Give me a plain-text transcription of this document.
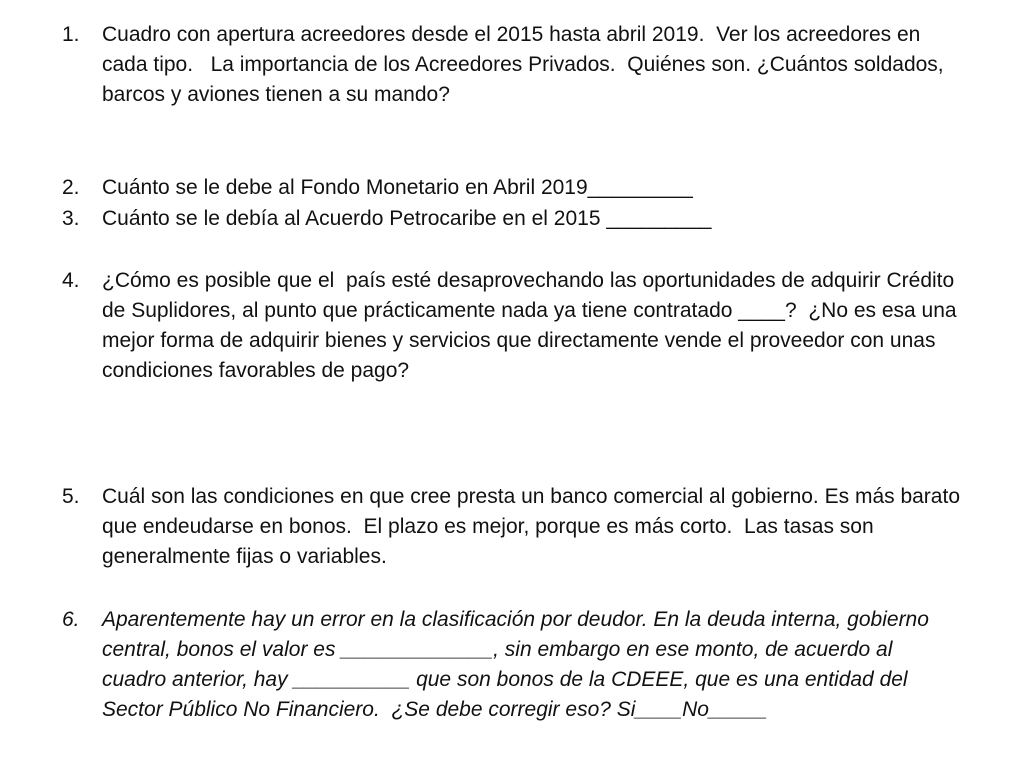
1.	Cuadro con apertura acreedores desde el 2015 hasta abril 2019.  Ver los acreedores en cada tipo.   La importancia de los Acreedores Privados.  Quiénes son. ¿Cuántos soldados, barcos y aviones tienen a su mando?
2.	Cuánto se le debe al Fondo Monetario en Abril 2019_________
3.	Cuánto se le debía al Acuerdo Petrocaribe en el 2015 _________
4.	¿Cómo es posible que el  país esté desaprovechando las oportunidades de adquirir Crédito de Suplidores, al punto que prácticamente nada ya tiene contratado ____?  ¿No es esa una mejor forma de adquirir bienes y servicios que directamente vende el proveedor con unas condiciones favorables de pago?
5.	Cuál son las condiciones en que cree presta un banco comercial al gobierno. Es más barato que endeudarse en bonos.  El plazo es mejor, porque es más corto.  Las tasas son generalmente fijas o variables.
6.	Aparentemente hay un error en la clasificación por deudor. En la deuda interna, gobierno central, bonos el valor es _____________, sin embargo en ese monto, de acuerdo al cuadro anterior, hay __________ que son bonos de la CDEEE, que es una entidad del Sector Público No Financiero.  ¿Se debe corregir eso? Si____No_____
